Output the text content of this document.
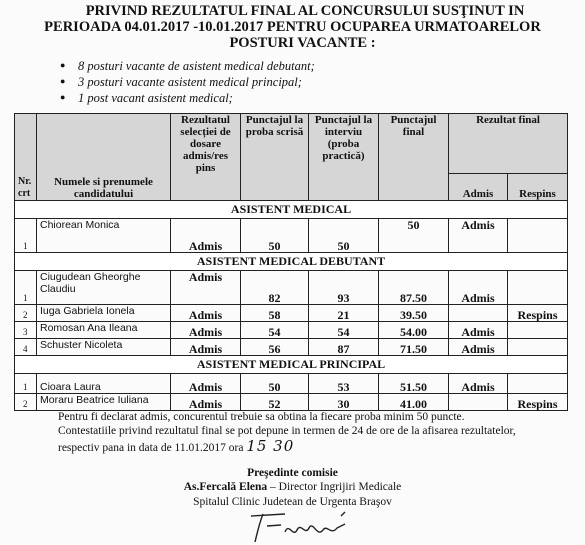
PRIVIND REZULTATUL FINAL AL CONCURSULUI SUSŢINUT IN
PERIOADA 04.01.2017 -10.01.2017 PENTRU OCUPAREA URMATOARELOR
POSTURI VACANTE :
● 8 posturi vacante de asistent medical debutant;
● 3 posturi vacante asistent medical principal;
● 1 post vacant asistent medical;
Nr. crt	Numele si prenumele candidatului	Rezultatul selecției de dosare admis/res pins	Punctajul la proba scrisă	Punctajul la interviu (proba practică)	Punctajul final	Rezultat final	
						Admis	Respins
ASISTENT MEDICAL							
1	Chiorean Monica	Admis	50	50	50	Admis	
ASISTENT MEDICAL DEBUTANT							
1	Ciugudean Gheorghe Claudiu	Admis	82	93	87.50	Admis	
2	Iuga Gabriela Ionela	Admis	58	21	39.50		Respins
3	Romosan Ana Ileana	Admis	54	54	54.00	Admis	
4	Schuster Nicoleta	Admis	56	87	71.50	Admis	
ASISTENT MEDICAL PRINCIPAL							
1	Cioara Laura	Admis	50	53	51.50	Admis	
2	Moraru Beatrice Iuliana	Admis	52	30	41.00		Respins
Pentru fi declarat admis, concurentul trebuie sa obtina la fiecare proba minim 50 puncte.
Contestatiile privind rezultatul final se pot depune in termen de 24 de ore de la afisarea rezultatelor,
respectiv pana in data de 11.01.2017 ora 15 30
Preşedinte comisie
As.Fercală Elena – Director Ingrijiri Medicale
Spitalul Clinic Judetean de Urgenta Braşov
